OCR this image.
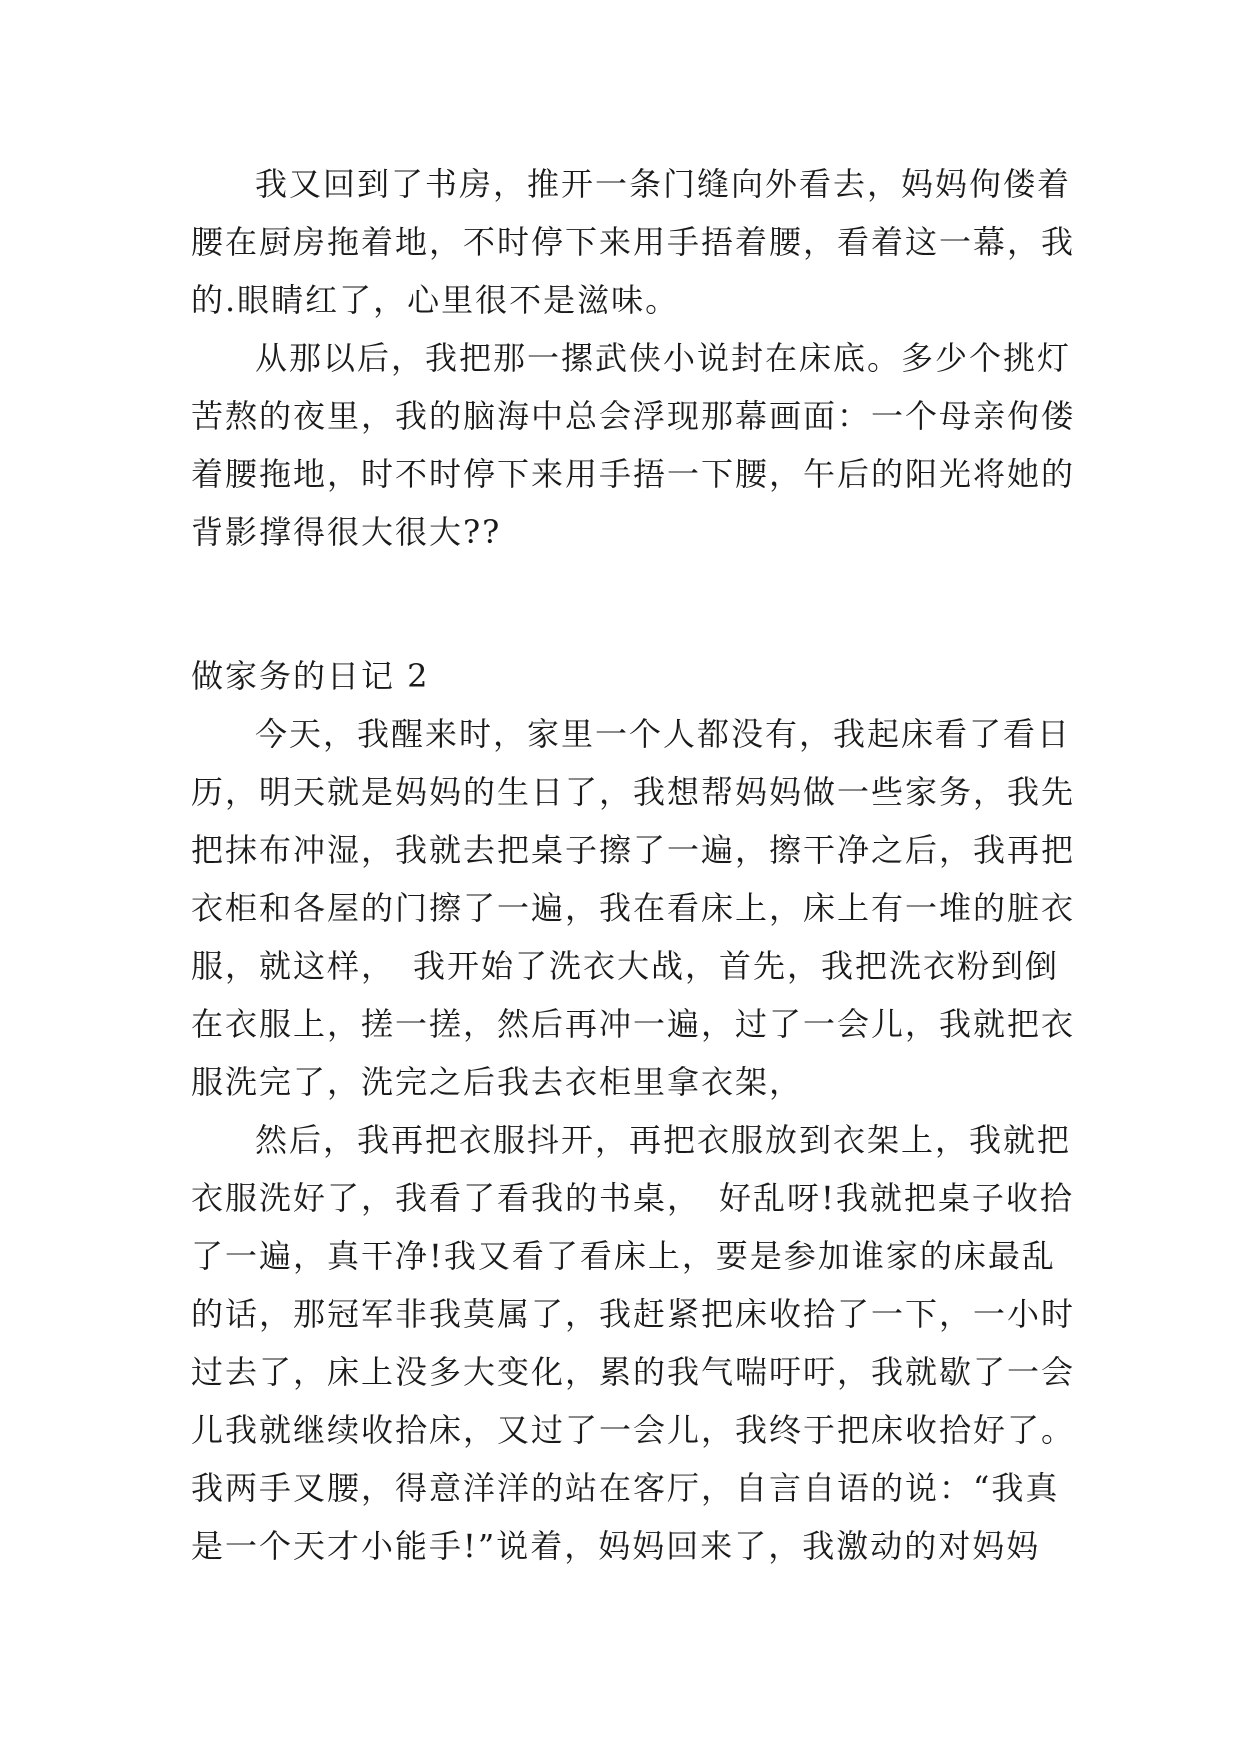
我又回到了书房，推开一条门缝向外看去，妈妈佝偻着
腰在厨房拖着地，不时停下来用手捂着腰，看着这一幕，我
的.眼睛红了，心里很不是滋味。

从那以后，我把那一摞武侠小说封在床底。多少个挑灯
苦熬的夜里，我的脑海中总会浮现那幕画面：一个母亲佝偻
着腰拖地，时不时停下来用手捂一下腰，午后的阳光将她的
背影撑得很大很大??

做家务的日记 2

今天，我醒来时，家里一个人都没有，我起床看了看日
历，明天就是妈妈的生日了，我想帮妈妈做一些家务，我先
把抹布冲湿，我就去把桌子擦了一遍，擦干净之后，我再把
衣柜和各屋的门擦了一遍，我在看床上，床上有一堆的脏衣
服，就这样，　我开始了洗衣大战，首先，我把洗衣粉到倒
在衣服上，搓一搓，然后再冲一遍，过了一会儿，我就把衣
服洗完了，洗完之后我去衣柜里拿衣架，

然后，我再把衣服抖开，再把衣服放到衣架上，我就把
衣服洗好了，我看了看我的书桌，　好乱呀!我就把桌子收拾
了一遍，真干净!我又看了看床上，要是参加谁家的床最乱
的话，那冠军非我莫属了，我赶紧把床收拾了一下，一小时
过去了，床上没多大变化，累的我气喘吁吁，我就歇了一会
儿我就继续收拾床，又过了一会儿，我终于把床收拾好了。
我两手叉腰，得意洋洋的站在客厅，自言自语的说：“我真
是一个天才小能手!”说着，妈妈回来了，我激动的对妈妈
